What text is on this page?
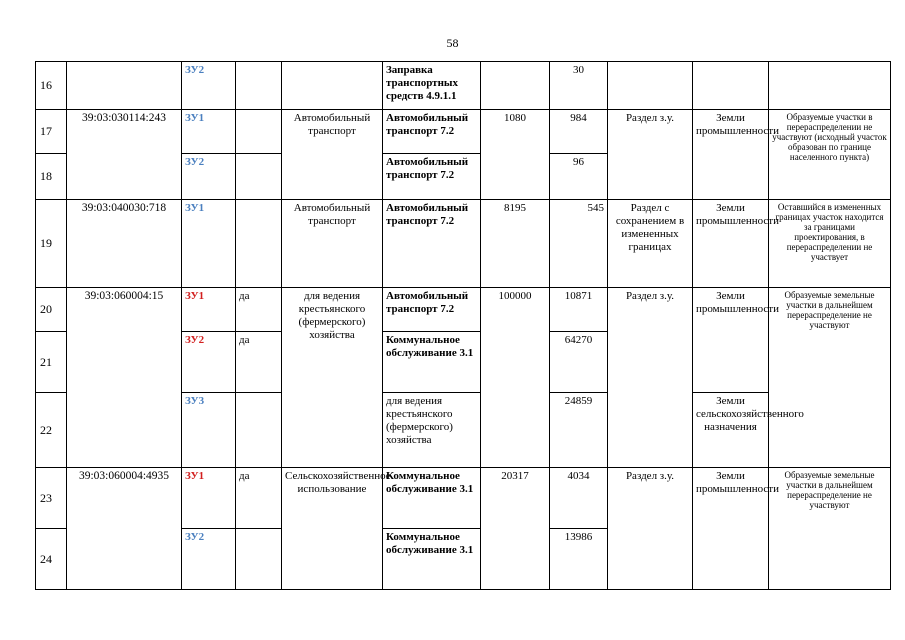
58
16		ЗУ2			Заправка транспортных средств 4.9.1.1		30			
17	39:03:030114:243	ЗУ1		Автомобильный транспорт	Автомобильный транспорт 7.2	1080	984	Раздел з.у.	Земли промышленности	Образуемые участки в перераспределении не участвуют (исходный участок образован по границе населенного пункта)
18		ЗУ2			Автомобильный транспорт 7.2		96			
19	39:03:040030:718	ЗУ1		Автомобильный транспорт	Автомобильный транспорт 7.2	8195	545	Раздел с сохранением в измененных границах	Земли промышленности	Оставшийся в измененных границах участок находится за границами проектирования, в перераспределении не участвует
20	39:03:060004:15	ЗУ1	да	для ведения крестьянского (фермерского) хозяйства	Автомобильный транспорт 7.2	100000	10871	Раздел з.у.	Земли промышленности	Образуемые земельные участки в дальнейшем перераспределение не участвуют
21		ЗУ2	да		Коммунальное обслуживание 3.1		64270			
22		ЗУ3			для ведения крестьянского (фермерского) хозяйства		24859		Земли сельскохозяйственного назначения	
23	39:03:060004:4935	ЗУ1	да	Сельскохозяйственное использование	Коммунальное обслуживание 3.1	20317	4034	Раздел з.у.	Земли промышленности	Образуемые земельные участки в дальнейшем перераспределение не участвуют
24		ЗУ2			Коммунальное обслуживание 3.1		13986			
